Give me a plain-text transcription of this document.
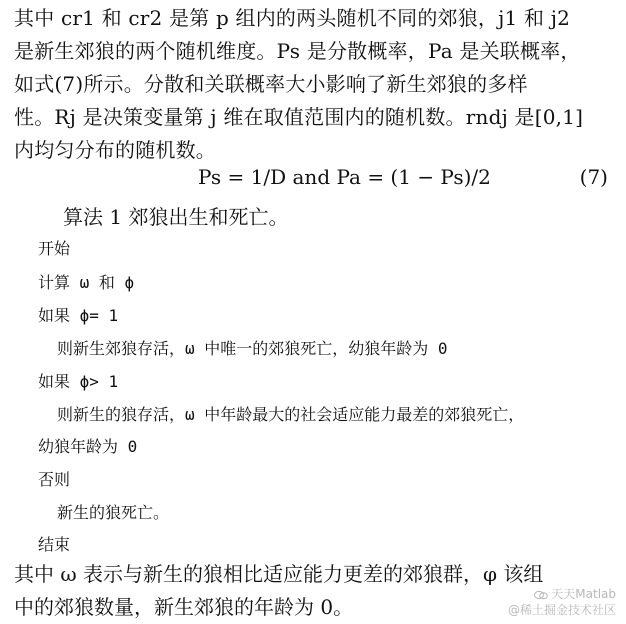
其中 cr1 和 cr2 是第 p 组内的两头随机不同的郊狼，j1 和 j2
是新生郊狼的两个随机维度。Ps 是分散概率，Pa 是关联概率，
如式(7)所示。分散和关联概率大小影响了新生郊狼的多样
性。Rj 是决策变量第 j 维在取值范围内的随机数。rndj 是[0,1]
内均匀分布的随机数。
Ps = 1/D and Pa = (1 − Ps)/2	(7)
算法 1 郊狼出生和死亡。
开始
计算 ω 和 ϕ
如果 ϕ= 1
则新生郊狼存活，ω 中唯一的郊狼死亡，幼狼年龄为 0
如果 ϕ> 1
则新生的狼存活，ω 中年龄最大的社会适应能力最差的郊狼死亡，
幼狼年龄为 0
否则
新生的狼死亡。
结束
其中 ω 表示与新生的狼相比适应能力更差的郊狼群，φ 该组
中的郊狼数量，新生郊狼的年龄为 0。
天天Matlab
@稀土掘金技术社区
